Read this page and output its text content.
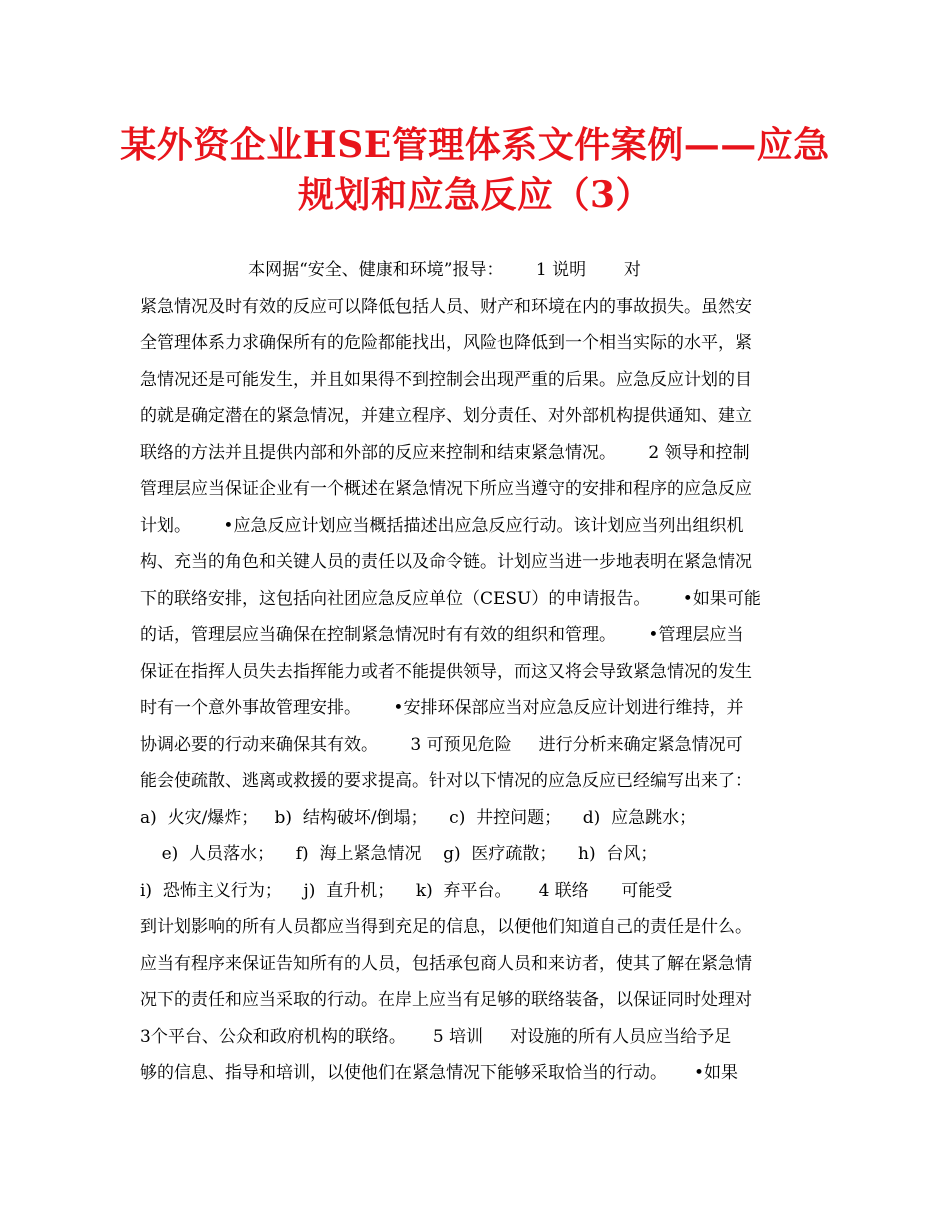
某外资企业HSE管理体系文件案例——应急
规划和应急反应（3）
本网据“安全、健康和环境”报导：      1 说明       对
紧急情况及时有效的反应可以降低包括人员、财产和环境在内的事故损失。虽然安
全管理体系力求确保所有的危险都能找出，风险也降低到一个相当实际的水平，紧
急情况还是可能发生，并且如果得不到控制会出现严重的后果。应急反应计划的目
的就是确定潜在的紧急情况，并建立程序、划分责任、对外部机构提供通知、建立
联络的方法并且提供内部和外部的反应来控制和结束紧急情况。      2 领导和控制
管理层应当保证企业有一个概述在紧急情况下所应当遵守的安排和程序的应急反应
计划。      •应急反应计划应当概括描述出应急反应行动。该计划应当列出组织机
构、充当的角色和关键人员的责任以及命令链。计划应当进一步地表明在紧急情况
下的联络安排，这包括向社团应急反应单位（CESU）的申请报告。      •如果可能
的话，管理层应当确保在控制紧急情况时有有效的组织和管理。      •管理层应当
保证在指挥人员失去指挥能力或者不能提供领导，而这又将会导致紧急情况的发生
时有一个意外事故管理安排。      •安排环保部应当对应急反应计划进行维持，并
协调必要的行动来确保其有效。      3 可预见危险     进行分析来确定紧急情况可
能会使疏散、逃离或救援的要求提高。针对以下情况的应急反应已经编写出来了：
a)  火灾/爆炸；   b)  结构破坏/倒塌；    c)  井控问题；    d)  应急跳水；
e)  人员落水；    f)  海上紧急情况    g)  医疗疏散；    h)  台风；
i)  恐怖主义行为；    j)  直升机；    k)  弃平台。     4 联络      可能受
到计划影响的所有人员都应当得到充足的信息，以便他们知道自己的责任是什么。
应当有程序来保证告知所有的人员，包括承包商人员和来访者，使其了解在紧急情
况下的责任和应当采取的行动。在岸上应当有足够的联络装备，以保证同时处理对
3个平台、公众和政府机构的联络。     5 培训     对设施的所有人员应当给予足
够的信息、指导和培训，以使他们在紧急情况下能够采取恰当的行动。     •如果
